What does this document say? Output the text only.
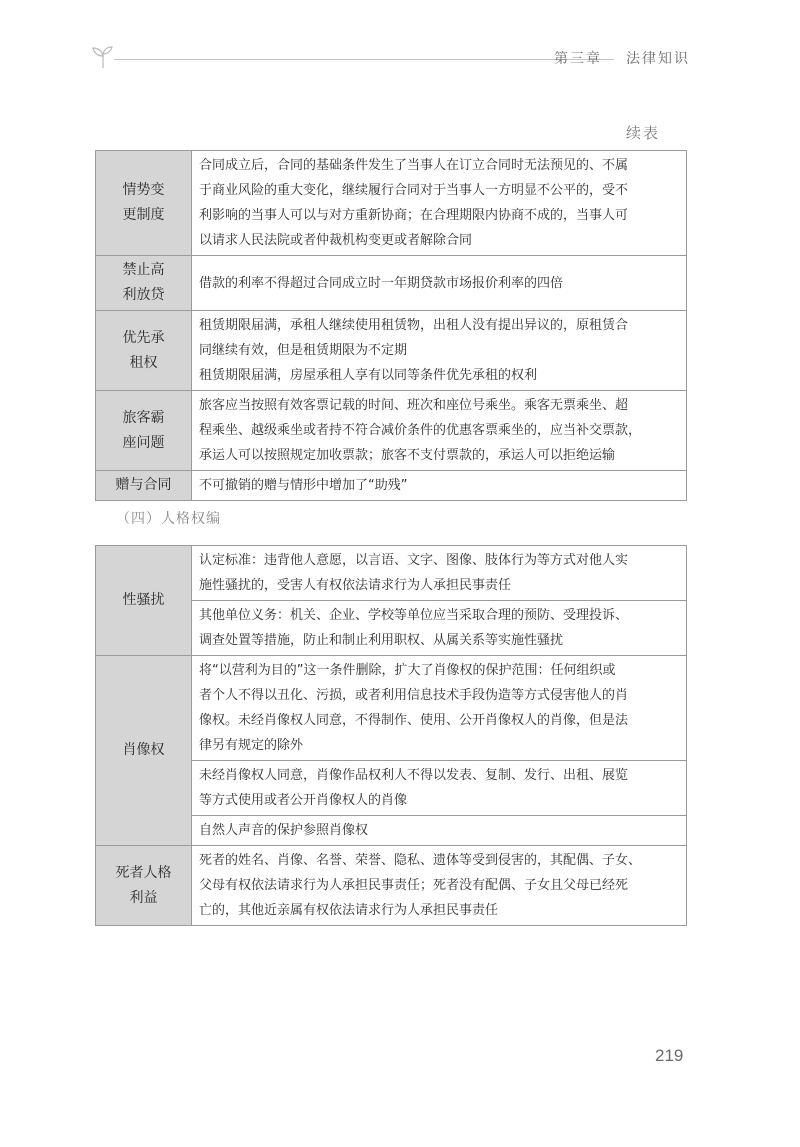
第三章 法律知识
续表
情势变
更制度	合同成立后，合同的基础条件发生了当事人在订立合同时无法预见的、不属
于商业风险的重大变化，继续履行合同对于当事人一方明显不公平的，受不
利影响的当事人可以与对方重新协商；在合理期限内协商不成的，当事人可
以请求人民法院或者仲裁机构变更或者解除合同

禁止高
利放贷	借款的利率不得超过合同成立时一年期贷款市场报价利率的四倍

优先承
租权	租赁期限届满，承租人继续使用租赁物，出租人没有提出异议的，原租赁合
同继续有效，但是租赁期限为不定期
租赁期限届满，房屋承租人享有以同等条件优先承租的权利

旅客霸
座问题	旅客应当按照有效客票记载的时间、班次和座位号乘坐。乘客无票乘坐、超
程乘坐、越级乘坐或者持不符合减价条件的优惠客票乘坐的，应当补交票款，
承运人可以按照规定加收票款；旅客不支付票款的，承运人可以拒绝运输

赠与合同	不可撤销的赠与情形中增加了“助残”
（四）人格权编
性骚扰	认定标准：违背他人意愿，以言语、文字、图像、肢体行为等方式对他人实
施性骚扰的，受害人有权依法请求行为人承担民事责任

	其他单位义务：机关、企业、学校等单位应当采取合理的预防、受理投诉、
调查处置等措施，防止和制止利用职权、从属关系等实施性骚扰

肖像权	将“以营利为目的”这一条件删除，扩大了肖像权的保护范围：任何组织或
者个人不得以丑化、污损，或者利用信息技术手段伪造等方式侵害他人的肖
像权。未经肖像权人同意，不得制作、使用、公开肖像权人的肖像，但是法
律另有规定的除外

	未经肖像权人同意，肖像作品权利人不得以发表、复制、发行、出租、展览
等方式使用或者公开肖像权人的肖像

	自然人声音的保护参照肖像权

死者人格
利益	死者的姓名、肖像、名誉、荣誉、隐私、遗体等受到侵害的，其配偶、子女、
父母有权依法请求行为人承担民事责任；死者没有配偶、子女且父母已经死
亡的，其他近亲属有权依法请求行为人承担民事责任
219
